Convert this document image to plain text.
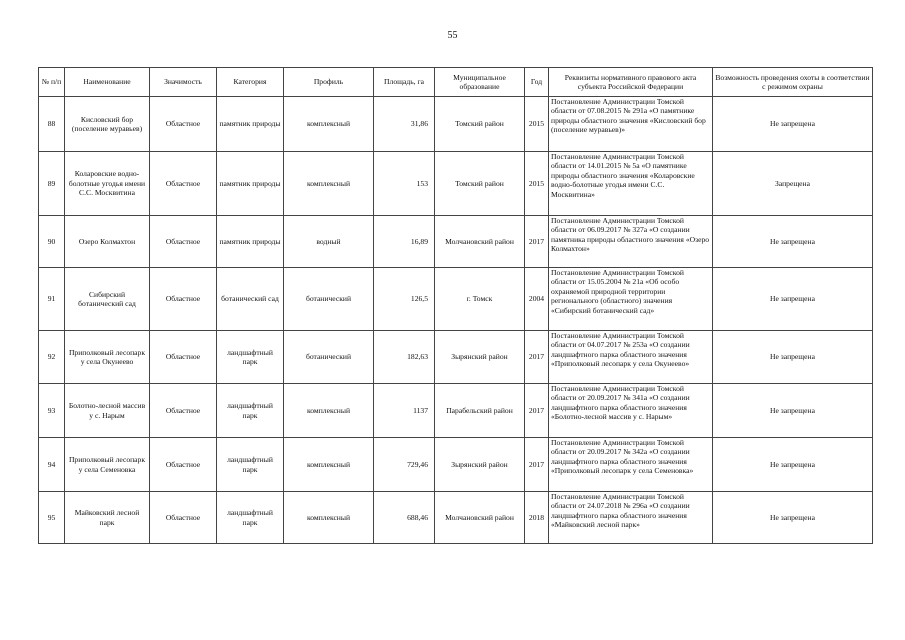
55
№ п/п	Наименование	Значимость	Категория	Профиль	Площадь, га	Муниципальное образование	Год	Реквизиты нормативного правового акта субъекта Российской Федерации	Возможность проведения охоты в соответствии с режимом охраны
88	Кисловский бор (поселение муравьев)	Областное	памятник природы	комплексный	31,86	Томский район	2015	Постановление Администрации Томской области от 07.08.2015 № 291а «О памятнике природы областного значения «Кисловский бор (поселение муравьев)»	Не запрещена
89	Коларовские водно-болотные угодья имени С.С. Москвитина	Областное	памятник природы	комплексный	153	Томский район	2015	Постановление Администрации Томской области от 14.01.2015 № 5а «О памятнике природы областного значения «Коларовские водно-болотные угодья имени С.С. Москвитина»	Запрещена
90	Озеро Колмахтон	Областное	памятник природы	водный	16,89	Молчановский район	2017	Постановление Администрации Томской области от 06.09.2017 № 327а «О создании памятника природы областного значения «Озеро Колмахтон»	Не запрещена
91	Сибирский ботанический сад	Областное	ботанический сад	ботанический	126,5	г. Томск	2004	Постановление Администрации Томской области от 15.05.2004 № 21а «Об особо охраняемой природной территории регионального (областного) значения «Сибирский ботанический сад»	Не запрещена
92	Приполковый лесопарк у села Окунеево	Областное	ландшафтный парк	ботанический	182,63	Зырянский район	2017	Постановление Администрации Томской области от 04.07.2017 № 253а «О создании ландшафтного парка областного значения «Приполковый лесопарк у села Окунеево»	Не запрещена
93	Болотно-лесной массив у с. Нарым	Областное	ландшафтный парк	комплексный	1137	Парабельский район	2017	Постановление Администрации Томской области от 20.09.2017 № 341а «О создании ландшафтного парка областного значения «Болотно-лесной массив у с. Нарым»	Не запрещена
94	Приполковый лесопарк у села Семеновка	Областное	ландшафтный парк	комплексный	729,46	Зырянский район	2017	Постановление Администрации Томской области от 20.09.2017 № 342а «О создании ландшафтного парка областного значения «Приполковый лесопарк у села Семеновка»	Не запрещена
95	Майковский лесной парк	Областное	ландшафтный парк	комплексный	688,46	Молчановский район	2018	Постановление Администрации Томской области от 24.07.2018 № 296а «О создании ландшафтного парка областного значения «Майковский лесной парк»	Не запрещена
